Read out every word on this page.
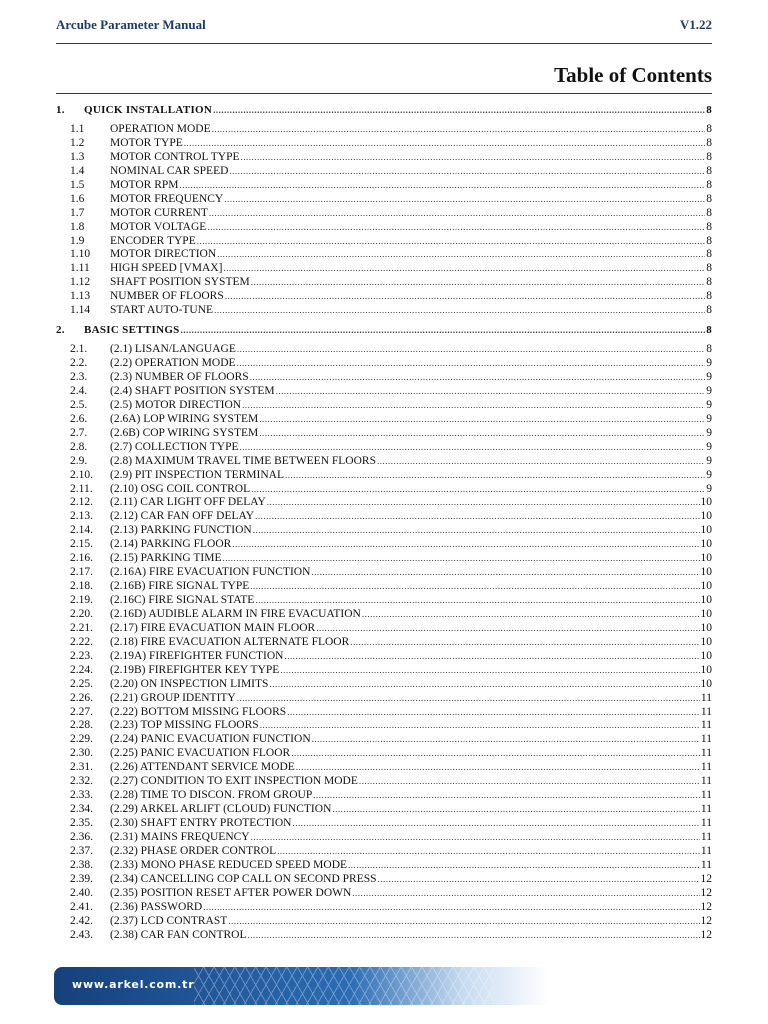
Arcube Parameter Manual	V1.22
Table of Contents
1.	QUICK INSTALLATION .....	8
1.1	OPERATION MODE .....	8
1.2	MOTOR TYPE .....	8
1.3	MOTOR CONTROL TYPE .....	8
1.4	NOMINAL CAR SPEED .....	8
1.5	MOTOR RPM .....	8
1.6	MOTOR FREQUENCY .....	8
1.7	MOTOR CURRENT .....	8
1.8	MOTOR VOLTAGE .....	8
1.9	ENCODER TYPE .....	8
1.10	MOTOR DIRECTION .....	8
1.11	HIGH SPEED [VMAX] .....	8
1.12	SHAFT POSITION SYSTEM .....	8
1.13	NUMBER OF FLOORS .....	8
1.14	START AUTO-TUNE .....	8
2.	BASIC SETTINGS .....	8
2.1.	(2.1) LISAN/LANGUAGE .....	8
2.2.	(2.2) OPERATION MODE .....	9
2.3.	(2.3) NUMBER OF FLOORS .....	9
2.4.	(2.4) SHAFT POSITION SYSTEM .....	9
2.5.	(2.5) MOTOR DIRECTION .....	9
2.6.	(2.6A) LOP WIRING SYSTEM .....	9
2.7.	(2.6B) COP WIRING SYSTEM .....	9
2.8.	(2.7) COLLECTION TYPE .....	9
2.9.	(2.8) MAXIMUM TRAVEL TIME BETWEEN FLOORS .....	9
2.10.	(2.9) PIT INSPECTION TERMINAL .....	9
2.11.	(2.10) OSG COIL CONTROL .....	9
2.12.	(2.11) CAR LIGHT OFF DELAY .....	10
2.13.	(2.12) CAR FAN OFF DELAY .....	10
2.14.	(2.13) PARKING FUNCTION .....	10
2.15.	(2.14) PARKING FLOOR .....	10
2.16.	(2.15) PARKING TIME .....	10
2.17.	(2.16A) FIRE EVACUATION FUNCTION .....	10
2.18.	(2.16B) FIRE SIGNAL TYPE .....	10
2.19.	(2.16C) FIRE SIGNAL STATE .....	10
2.20.	(2.16D) AUDIBLE ALARM IN FIRE EVACUATION .....	10
2.21.	(2.17) FIRE EVACUATION MAIN FLOOR .....	10
2.22.	(2.18) FIRE EVACUATION ALTERNATE FLOOR .....	10
2.23.	(2.19A) FIREFIGHTER FUNCTION .....	10
2.24.	(2.19B) FIREFIGHTER KEY TYPE .....	10
2.25.	(2.20) ON INSPECTION LIMITS .....	10
2.26.	(2.21) GROUP IDENTITY .....	11
2.27.	(2.22) BOTTOM MISSING FLOORS .....	11
2.28.	(2.23) TOP MISSING FLOORS .....	11
2.29.	(2.24) PANIC EVACUATION FUNCTION .....	11
2.30.	(2.25) PANIC EVACUATION FLOOR .....	11
2.31.	(2.26) ATTENDANT SERVICE MODE .....	11
2.32.	(2.27) CONDITION TO EXIT INSPECTION MODE .....	11
2.33.	(2.28) TIME TO DISCON. FROM GROUP .....	11
2.34.	(2.29) ARKEL ARLIFT (CLOUD) FUNCTION .....	11
2.35.	(2.30) SHAFT ENTRY PROTECTION .....	11
2.36.	(2.31) MAINS FREQUENCY .....	11
2.37.	(2.32) PHASE ORDER CONTROL .....	11
2.38.	(2.33) MONO PHASE REDUCED SPEED MODE .....	11
2.39.	(2.34) CANCELLING COP CALL ON SECOND PRESS .....	12
2.40.	(2.35) POSITION RESET AFTER POWER DOWN .....	12
2.41.	(2.36) PASSWORD .....	12
2.42.	(2.37) LCD CONTRAST .....	12
2.43.	(2.38) CAR FAN CONTROL .....	12
www.arkel.com.tr
